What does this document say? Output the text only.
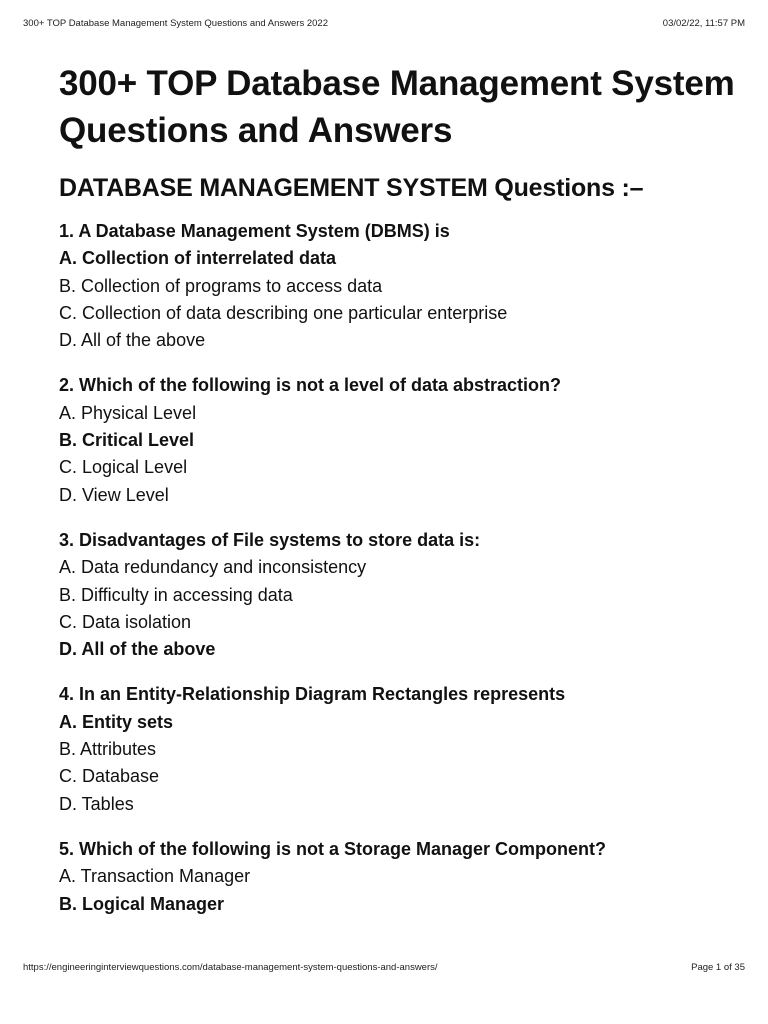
300+ TOP Database Management System Questions and Answers 2022	03/02/22, 11:57 PM
300+ TOP Database Management System Questions and Answers
DATABASE MANAGEMENT SYSTEM Questions :–
1. A Database Management System (DBMS) is
A. Collection of interrelated data
B. Collection of programs to access data
C. Collection of data describing one particular enterprise
D. All of the above
2. Which of the following is not a level of data abstraction?
A. Physical Level
B. Critical Level
C. Logical Level
D. View Level
3. Disadvantages of File systems to store data is:
A. Data redundancy and inconsistency
B. Difficulty in accessing data
C. Data isolation
D. All of the above
4. In an Entity-Relationship Diagram Rectangles represents
A. Entity sets
B. Attributes
C. Database
D. Tables
5. Which of the following is not a Storage Manager Component?
A. Transaction Manager
B. Logical Manager
https://engineeringinterviewquestions.com/database-management-system-questions-and-answers/	Page 1 of 35
